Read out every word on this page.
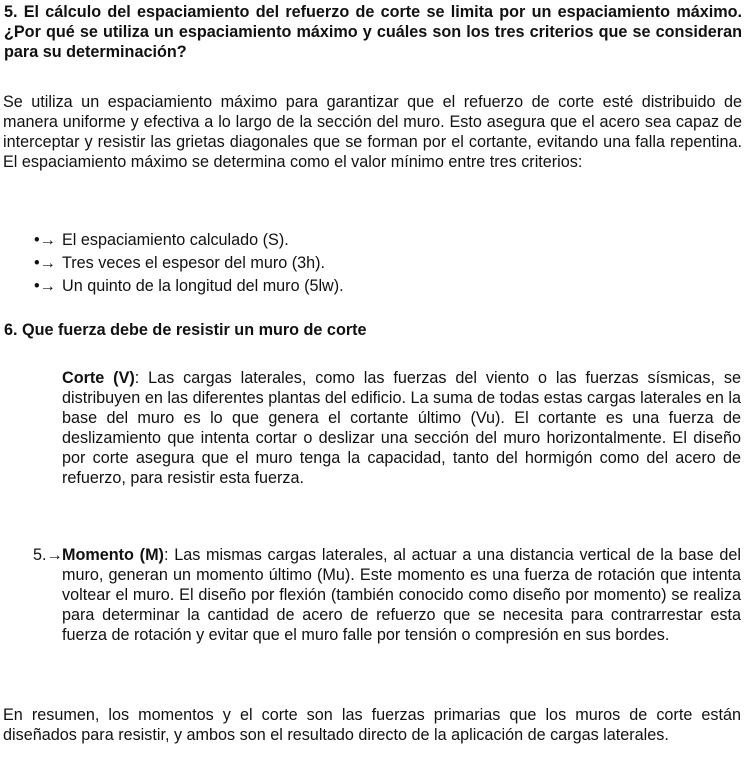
5. El cálculo del espaciamiento del refuerzo de corte se limita por un espaciamiento máximo. ¿Por qué se utiliza un espaciamiento máximo y cuáles son los tres criterios que se consideran para su determinación?

Se utiliza un espaciamiento máximo para garantizar que el refuerzo de corte esté distribuido de manera uniforme y efectiva a lo largo de la sección del muro. Esto asegura que el acero sea capaz de interceptar y resistir las grietas diagonales que se forman por el cortante, evitando una falla repentina. El espaciamiento máximo se determina como el valor mínimo entre tres criterios:

•→ El espaciamiento calculado (S).
•→ Tres veces el espesor del muro (3h).
•→ Un quinto de la longitud del muro (5lw).

6. Que fuerza debe de resistir un muro de corte

Corte (V): Las cargas laterales, como las fuerzas del viento o las fuerzas sísmicas, se distribuyen en las diferentes plantas del edificio. La suma de todas estas cargas laterales en la base del muro es lo que genera el cortante último (Vu). El cortante es una fuerza de deslizamiento que intenta cortar o deslizar una sección del muro horizontalmente. El diseño por corte asegura que el muro tenga la capacidad, tanto del hormigón como del acero de refuerzo, para resistir esta fuerza.

5.→ Momento (M): Las mismas cargas laterales, al actuar a una distancia vertical de la base del muro, generan un momento último (Mu). Este momento es una fuerza de rotación que intenta voltear el muro. El diseño por flexión (también conocido como diseño por momento) se realiza para determinar la cantidad de acero de refuerzo que se necesita para contrarrestar esta fuerza de rotación y evitar que el muro falle por tensión o compresión en sus bordes.

En resumen, los momentos y el corte son las fuerzas primarias que los muros de corte están diseñados para resistir, y ambos son el resultado directo de la aplicación de cargas laterales.
